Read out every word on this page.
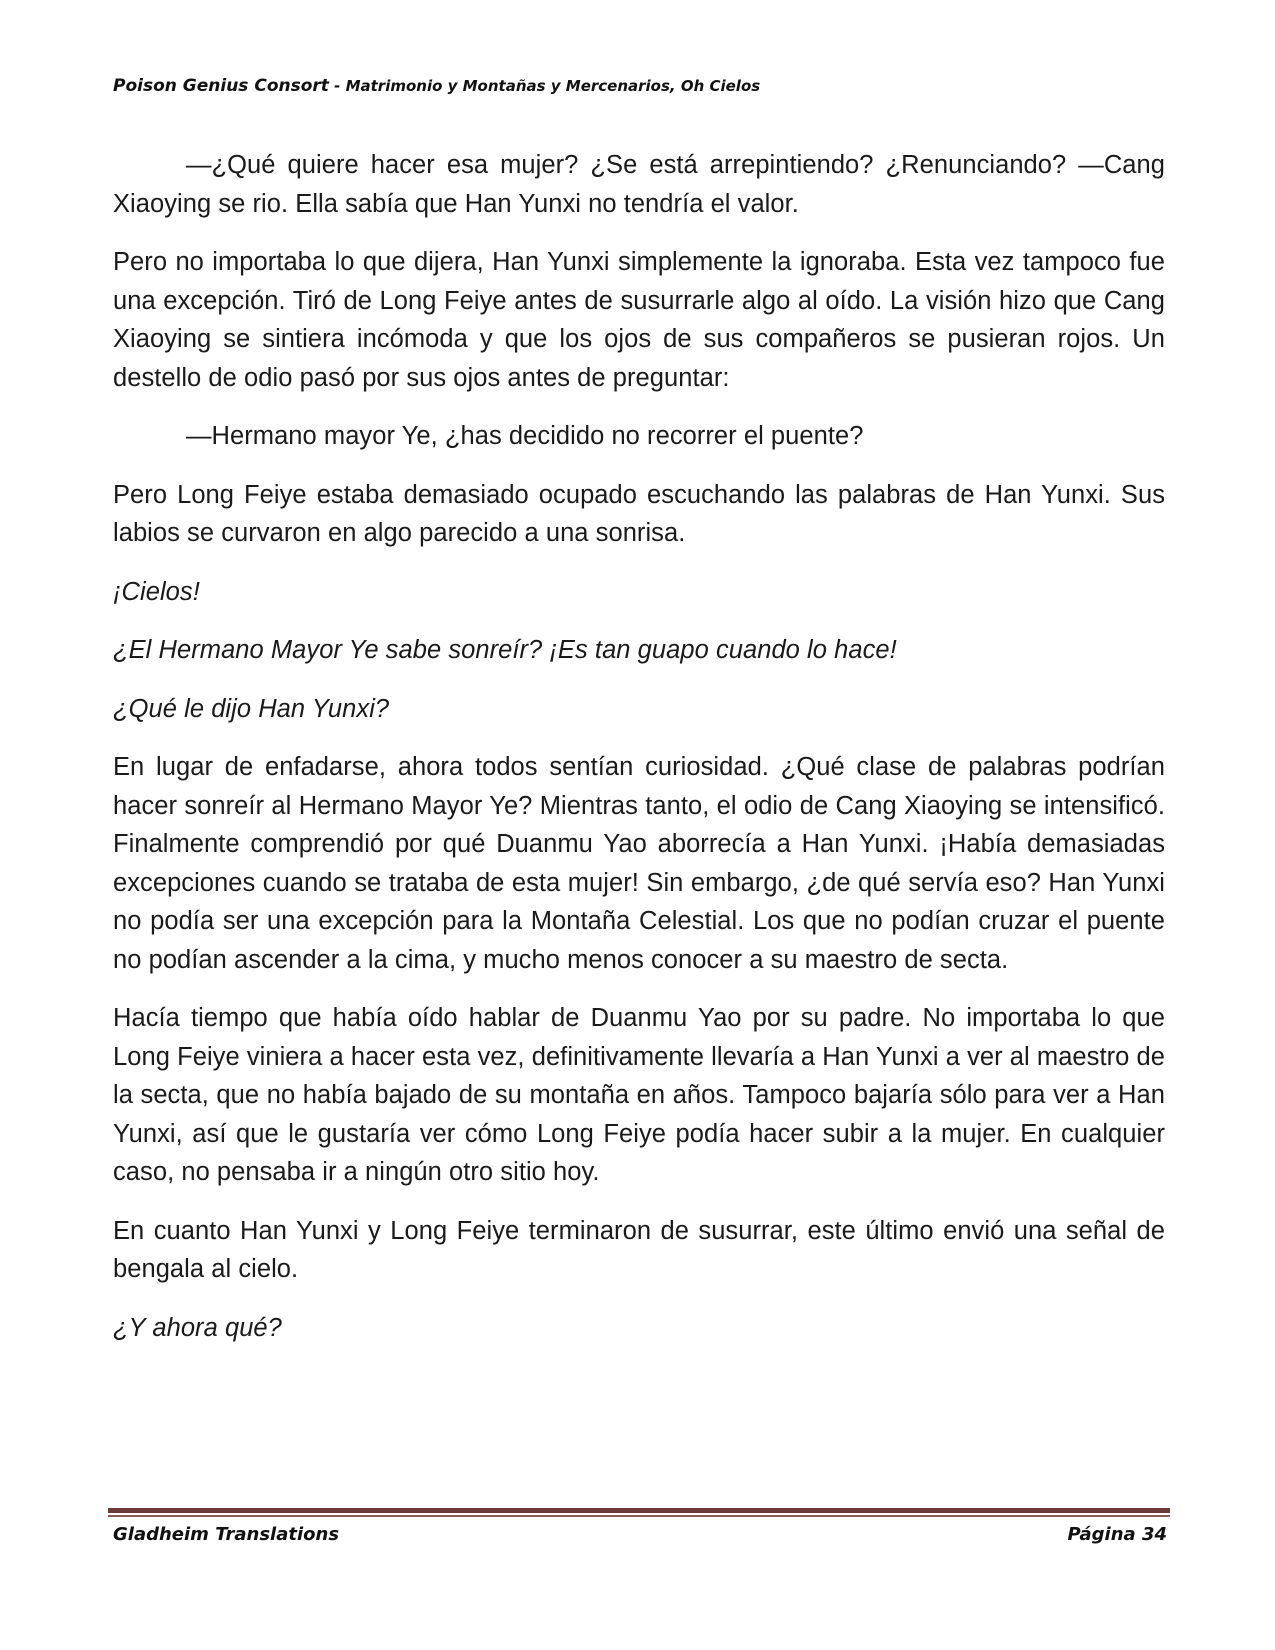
Poison Genius Consort - Matrimonio y Montañas y Mercenarios, Oh Cielos

—¿Qué quiere hacer esa mujer? ¿Se está arrepintiendo? ¿Renunciando? —Cang Xiaoying se rio. Ella sabía que Han Yunxi no tendría el valor.

Pero no importaba lo que dijera, Han Yunxi simplemente la ignoraba. Esta vez tampoco fue una excepción. Tiró de Long Feiye antes de susurrarle algo al oído. La visión hizo que Cang Xiaoying se sintiera incómoda y que los ojos de sus compañeros se pusieran rojos. Un destello de odio pasó por sus ojos antes de preguntar:

—Hermano mayor Ye, ¿has decidido no recorrer el puente?

Pero Long Feiye estaba demasiado ocupado escuchando las palabras de Han Yunxi. Sus labios se curvaron en algo parecido a una sonrisa.

¡Cielos!

¿El Hermano Mayor Ye sabe sonreír? ¡Es tan guapo cuando lo hace!

¿Qué le dijo Han Yunxi?

En lugar de enfadarse, ahora todos sentían curiosidad. ¿Qué clase de palabras podrían hacer sonreír al Hermano Mayor Ye? Mientras tanto, el odio de Cang Xiaoying se intensificó. Finalmente comprendió por qué Duanmu Yao aborrecía a Han Yunxi. ¡Había demasiadas excepciones cuando se trataba de esta mujer! Sin embargo, ¿de qué servía eso? Han Yunxi no podía ser una excepción para la Montaña Celestial. Los que no podían cruzar el puente no podían ascender a la cima, y mucho menos conocer a su maestro de secta.

Hacía tiempo que había oído hablar de Duanmu Yao por su padre. No importaba lo que Long Feiye viniera a hacer esta vez, definitivamente llevaría a Han Yunxi a ver al maestro de la secta, que no había bajado de su montaña en años. Tampoco bajaría sólo para ver a Han Yunxi, así que le gustaría ver cómo Long Feiye podía hacer subir a la mujer. En cualquier caso, no pensaba ir a ningún otro sitio hoy.

En cuanto Han Yunxi y Long Feiye terminaron de susurrar, este último envió una señal de bengala al cielo.

¿Y ahora qué?

Gladheim Translations	Página 34
